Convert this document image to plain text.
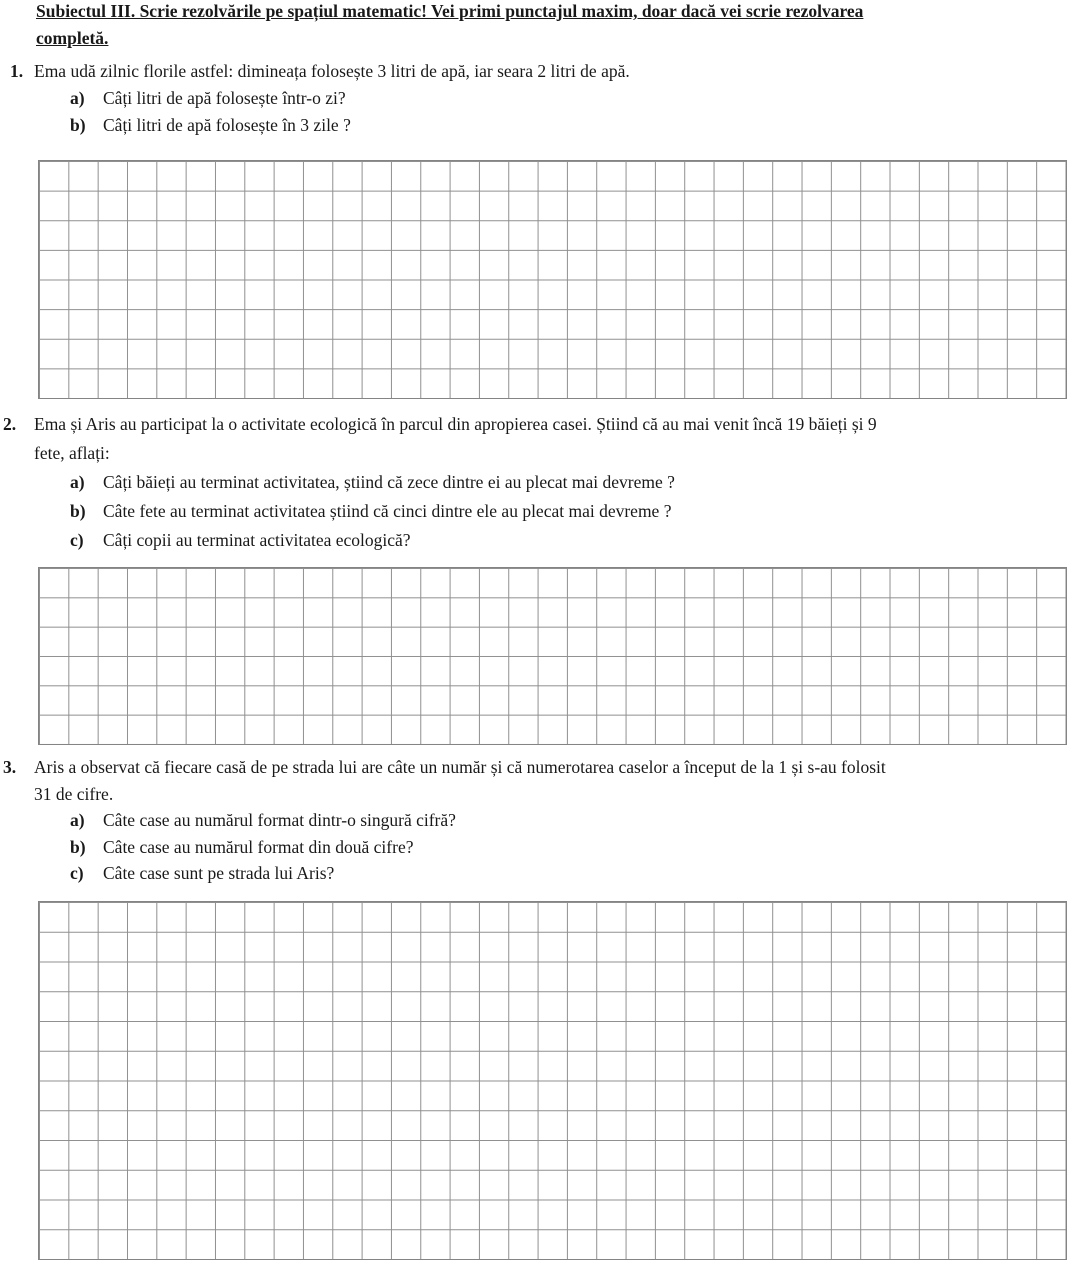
Subiectul III. Scrie rezolvările pe spațiul matematic! Vei primi punctajul maxim, doar dacă vei scrie rezolvarea
completă.
1. Ema udă zilnic florile astfel: dimineața folosește 3 litri de apă, iar seara 2 litri de apă.
a) Câți litri de apă folosește într-o zi?
b) Câți litri de apă folosește în 3 zile ?
2. Ema și Aris au participat la o activitate ecologică în parcul din apropierea casei. Știind că au mai venit încă 19 băieți și 9
fete, aflați:
a) Câți băieți au terminat activitatea, știind că zece dintre ei au plecat mai devreme ?
b) Câte fete au terminat activitatea știind că cinci dintre ele au plecat mai devreme ?
c) Câți copii au terminat activitatea ecologică?
3. Aris a observat că fiecare casă de pe strada lui are câte un număr și că numerotarea caselor a început de la 1 și s-au folosit
31 de cifre.
a) Câte case au numărul format dintr-o singură cifră?
b) Câte case au numărul format din două cifre?
c) Câte case sunt pe strada lui Aris?
